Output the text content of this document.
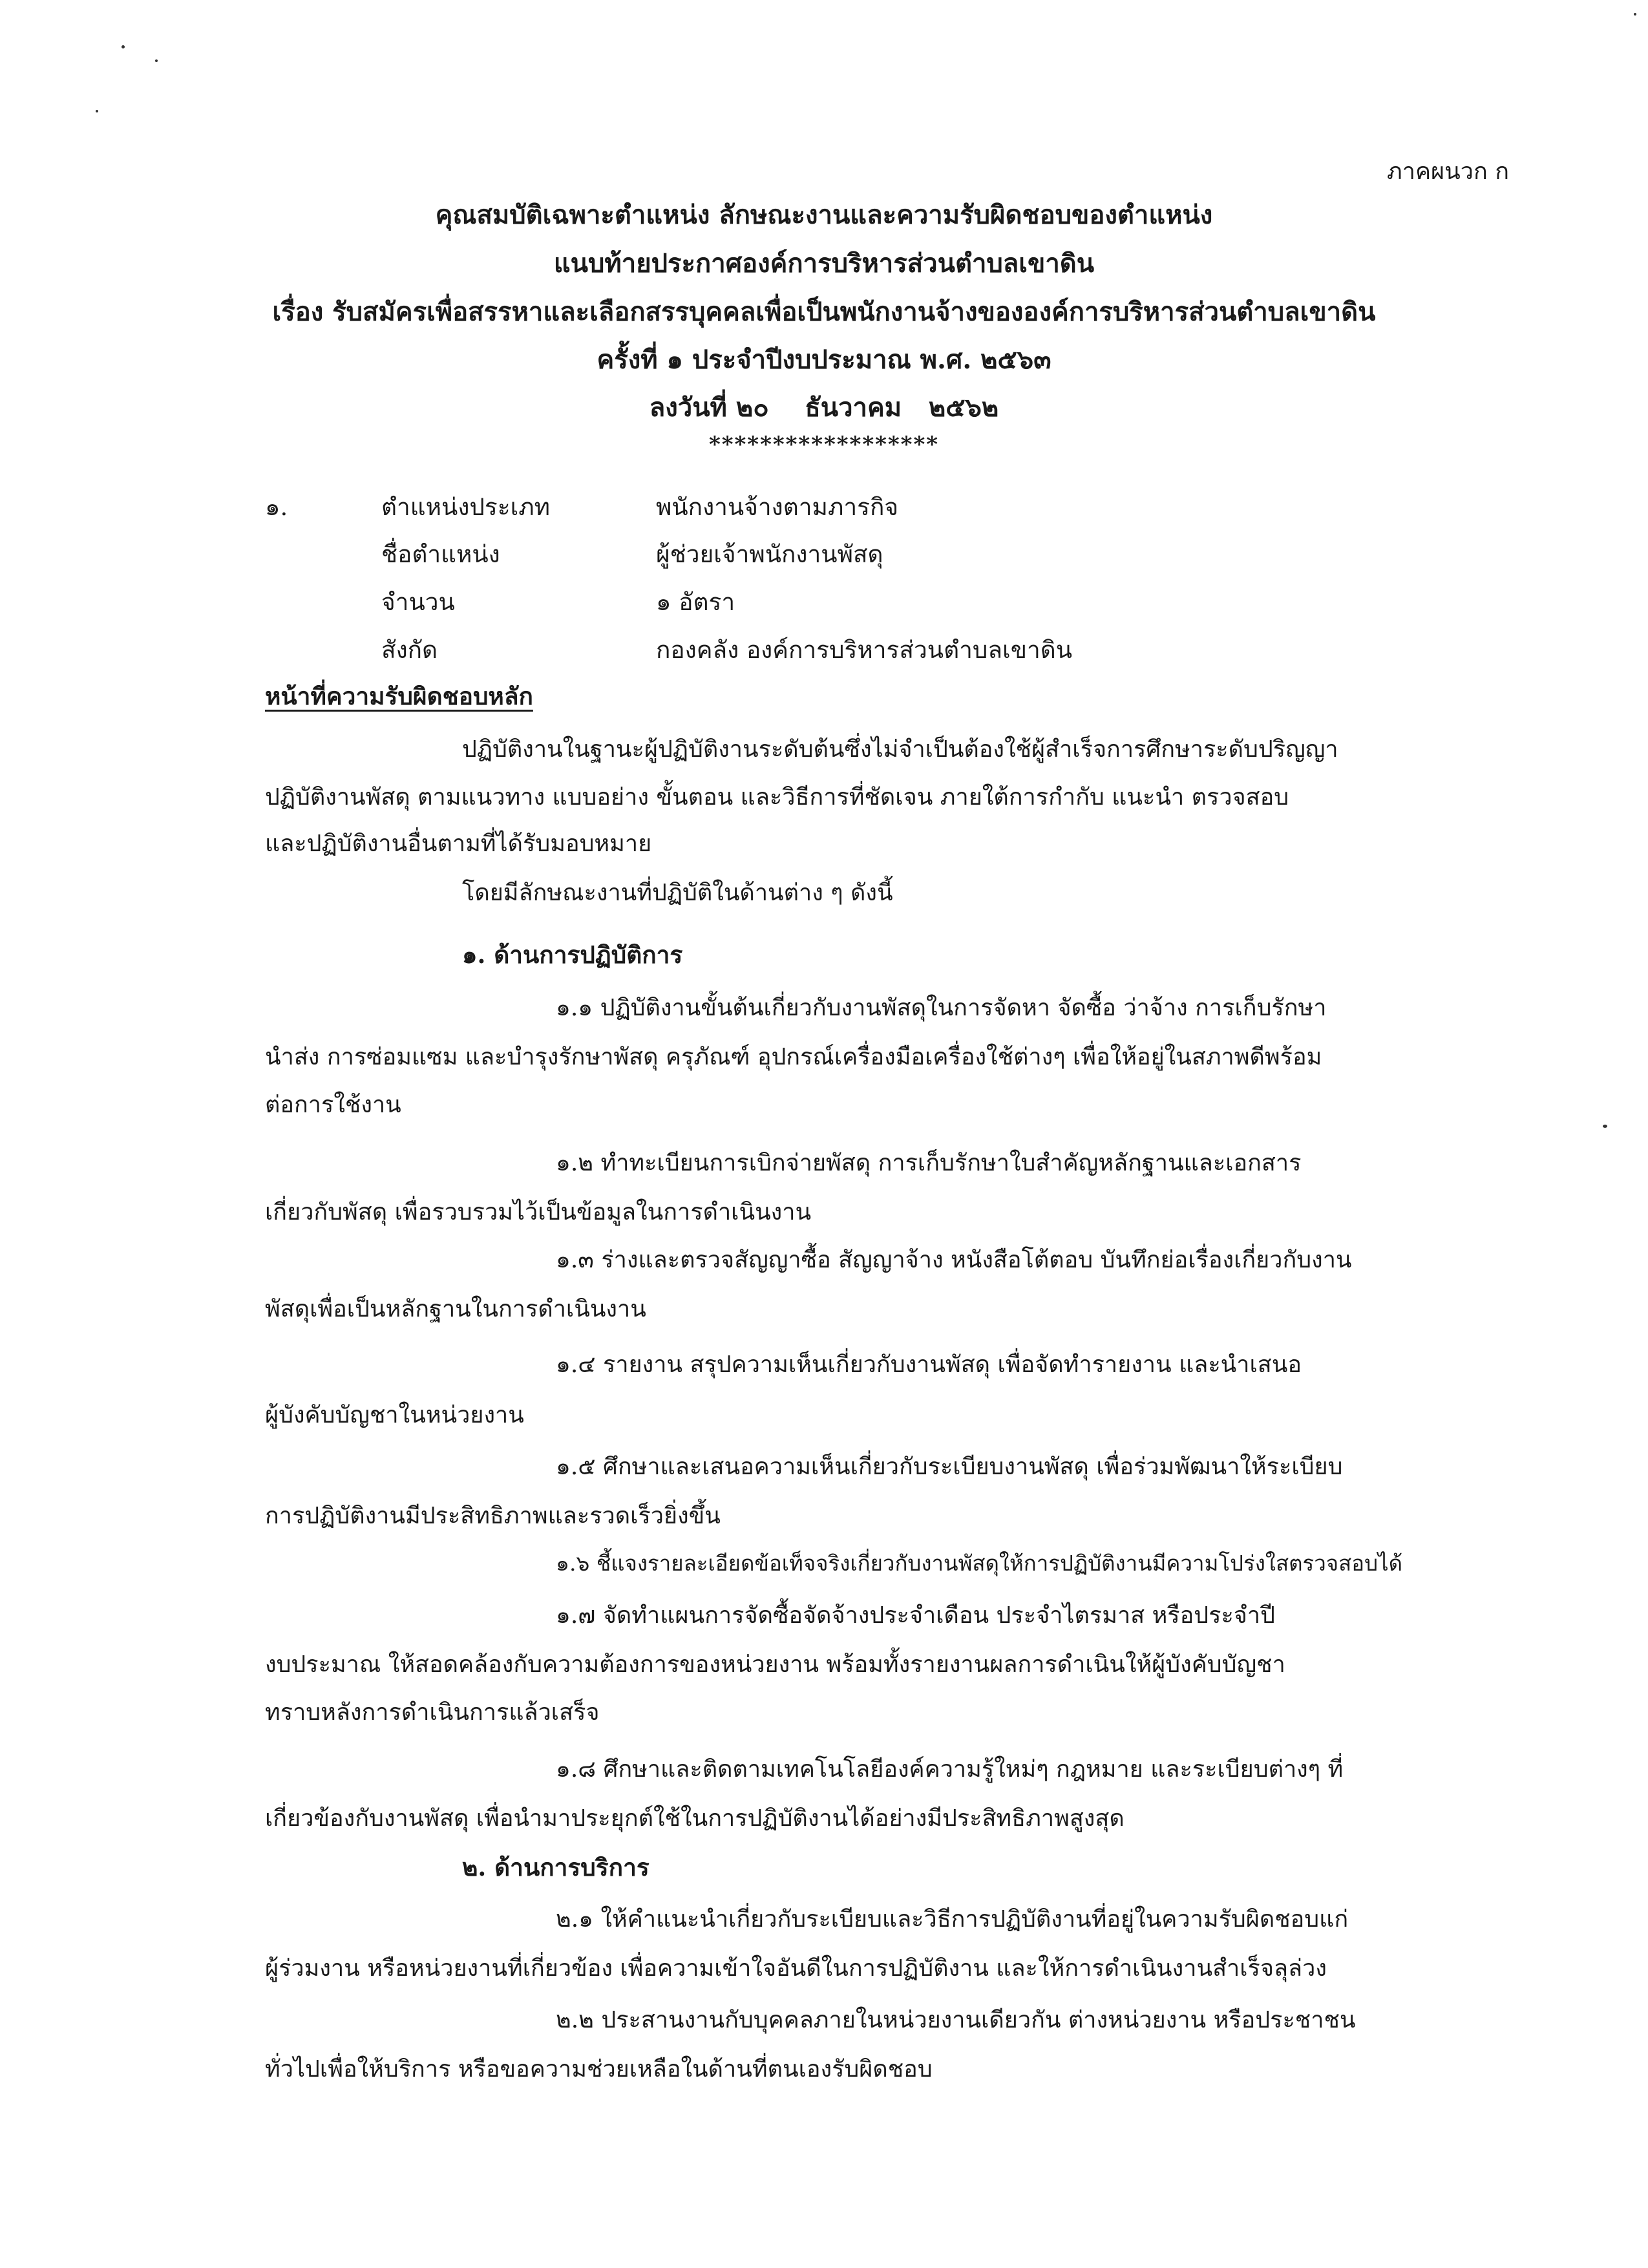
ภาคผนวก ก
คุณสมบัติเฉพาะตำแหน่ง ลักษณะงานและความรับผิดชอบของตำแหน่ง
แนบท้ายประกาศองค์การบริหารส่วนตำบลเขาดิน
เรื่อง รับสมัครเพื่อสรรหาและเลือกสรรบุคคลเพื่อเป็นพนักงานจ้างขององค์การบริหารส่วนตำบลเขาดิน
ครั้งที่ ๑ ประจำปีงบประมาณ พ.ศ. ๒๕๖๓
ลงวันที่ ๒๐    ธันวาคม   ๒๕๖๒
******************
๑.	ตำแหน่งประเภท	พนักงานจ้างตามภารกิจ
ชื่อตำแหน่ง	ผู้ช่วยเจ้าพนักงานพัสดุ
จำนวน	๑ อัตรา
สังกัด	กองคลัง องค์การบริหารส่วนตำบลเขาดิน
หน้าที่ความรับผิดชอบหลัก
ปฏิบัติงานในฐานะผู้ปฏิบัติงานระดับต้นซึ่งไม่จำเป็นต้องใช้ผู้สำเร็จการศึกษาระดับปริญญา
ปฏิบัติงานพัสดุ ตามแนวทาง แบบอย่าง ขั้นตอน และวิธีการที่ชัดเจน ภายใต้การกำกับ แนะนำ ตรวจสอบ
และปฏิบัติงานอื่นตามที่ได้รับมอบหมาย
โดยมีลักษณะงานที่ปฏิบัติในด้านต่าง ๆ ดังนี้
๑. ด้านการปฏิบัติการ
๑.๑ ปฏิบัติงานขั้นต้นเกี่ยวกับงานพัสดุในการจัดหา จัดซื้อ ว่าจ้าง การเก็บรักษา
นำส่ง การซ่อมแซม และบำรุงรักษาพัสดุ ครุภัณฑ์ อุปกรณ์เครื่องมือเครื่องใช้ต่างๆ เพื่อให้อยู่ในสภาพดีพร้อม
ต่อการใช้งาน
๑.๒ ทำทะเบียนการเบิกจ่ายพัสดุ การเก็บรักษาใบสำคัญหลักฐานและเอกสาร
เกี่ยวกับพัสดุ เพื่อรวบรวมไว้เป็นข้อมูลในการดำเนินงาน
๑.๓ ร่างและตรวจสัญญาซื้อ สัญญาจ้าง หนังสือโต้ตอบ บันทึกย่อเรื่องเกี่ยวกับงาน
พัสดุเพื่อเป็นหลักฐานในการดำเนินงาน
๑.๔ รายงาน สรุปความเห็นเกี่ยวกับงานพัสดุ เพื่อจัดทำรายงาน และนำเสนอ
ผู้บังคับบัญชาในหน่วยงาน
๑.๕ ศึกษาและเสนอความเห็นเกี่ยวกับระเบียบงานพัสดุ เพื่อร่วมพัฒนาให้ระเบียบ
การปฏิบัติงานมีประสิทธิภาพและรวดเร็วยิ่งขึ้น
๑.๖ ชี้แจงรายละเอียดข้อเท็จจริงเกี่ยวกับงานพัสดุให้การปฏิบัติงานมีความโปร่งใสตรวจสอบได้
๑.๗ จัดทำแผนการจัดซื้อจัดจ้างประจำเดือน ประจำไตรมาส หรือประจำปี
งบประมาณ ให้สอดคล้องกับความต้องการของหน่วยงาน พร้อมทั้งรายงานผลการดำเนินให้ผู้บังคับบัญชา
ทราบหลังการดำเนินการแล้วเสร็จ
๑.๘ ศึกษาและติดตามเทคโนโลยีองค์ความรู้ใหม่ๆ กฎหมาย และระเบียบต่างๆ ที่
เกี่ยวข้องกับงานพัสดุ เพื่อนำมาประยุกต์ใช้ในการปฏิบัติงานได้อย่างมีประสิทธิภาพสูงสุด
๒. ด้านการบริการ
๒.๑ ให้คำแนะนำเกี่ยวกับระเบียบและวิธีการปฏิบัติงานที่อยู่ในความรับผิดชอบแก่
ผู้ร่วมงาน หรือหน่วยงานที่เกี่ยวข้อง เพื่อความเข้าใจอันดีในการปฏิบัติงาน และให้การดำเนินงานสำเร็จลุล่วง
๒.๒ ประสานงานกับบุคคลภายในหน่วยงานเดียวกัน ต่างหน่วยงาน หรือประชาชน
ทั่วไปเพื่อให้บริการ หรือขอความช่วยเหลือในด้านที่ตนเองรับผิดชอบ
